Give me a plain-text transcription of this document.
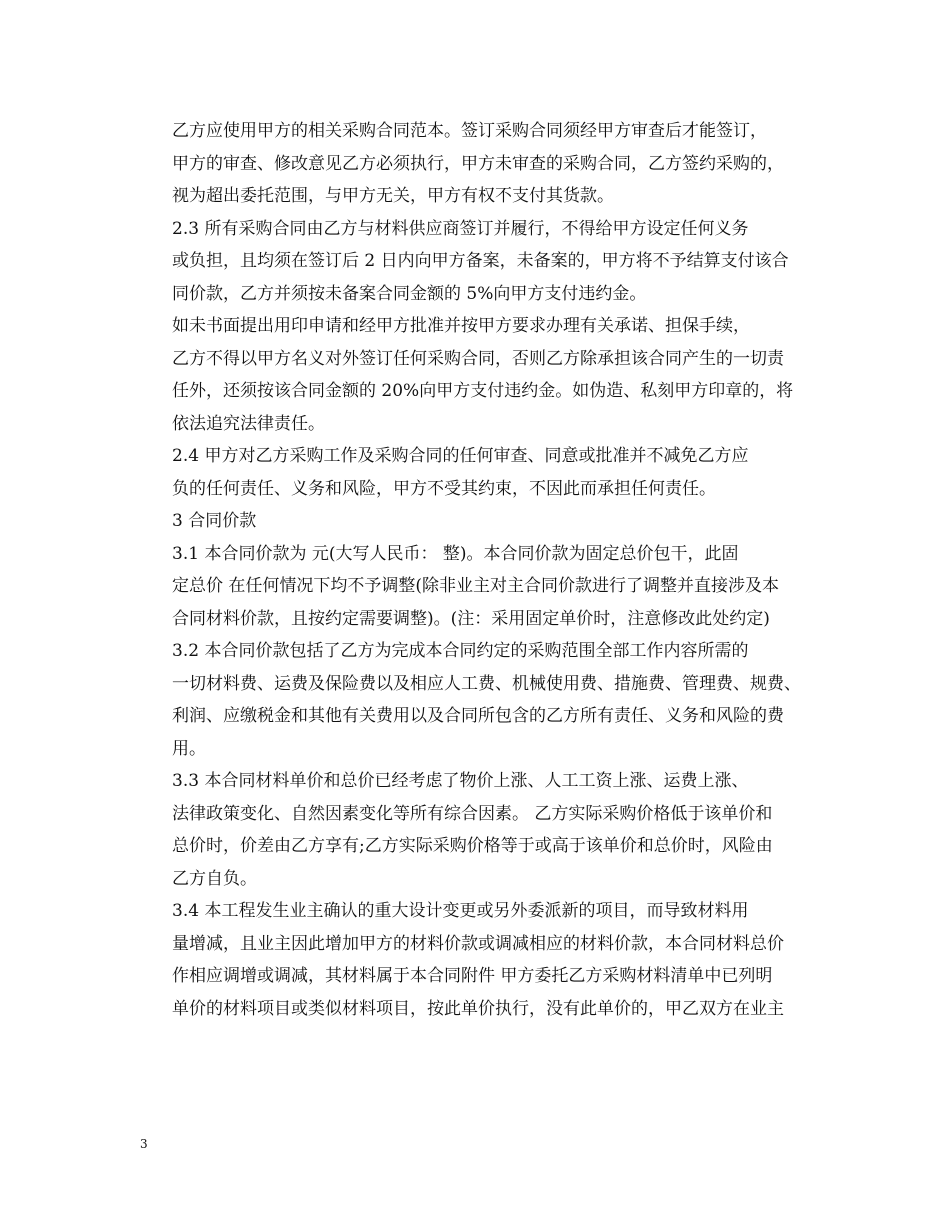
乙方应使用甲方的相关采购合同范本。签订采购合同须经甲方审查后才能签订，
甲方的审查、修改意见乙方必须执行，甲方未审查的采购合同，乙方签约采购的，
视为超出委托范围，与甲方无关，甲方有权不支付其货款。

2.3 所有采购合同由乙方与材料供应商签订并履行，不得给甲方设定任何义务
或负担，且均须在签订后 2 日内向甲方备案，未备案的，甲方将不予结算支付该合
同价款，乙方并须按未备案合同金额的 5%向甲方支付违约金。

如未书面提出用印申请和经甲方批准并按甲方要求办理有关承诺、担保手续，
乙方不得以甲方名义对外签订任何采购合同，否则乙方除承担该合同产生的一切责
任外，还须按该合同金额的 20%向甲方支付违约金。如伪造、私刻甲方印章的，将
依法追究法律责任。

2.4 甲方对乙方采购工作及采购合同的任何审查、同意或批准并不减免乙方应
负的任何责任、义务和风险，甲方不受其约束，不因此而承担任何责任。

3 合同价款

3.1 本合同价款为 元(大写人民币： 整)。本合同价款为固定总价包干，此固
定总价 在任何情况下均不予调整(除非业主对主合同价款进行了调整并直接涉及本
合同材料价款，且按约定需要调整)。(注：采用固定单价时，注意修改此处约定)

3.2 本合同价款包括了乙方为完成本合同约定的采购范围全部工作内容所需的
一切材料费、运费及保险费以及相应人工费、机械使用费、措施费、管理费、规费、
利润、应缴税金和其他有关费用以及合同所包含的乙方所有责任、义务和风险的费
用。

3.3 本合同材料单价和总价已经考虑了物价上涨、人工工资上涨、运费上涨、
法律政策变化、自然因素变化等所有综合因素。 乙方实际采购价格低于该单价和
总价时，价差由乙方享有;乙方实际采购价格等于或高于该单价和总价时，风险由
乙方自负。

3.4 本工程发生业主确认的重大设计变更或另外委派新的项目，而导致材料用
量增减，且业主因此增加甲方的材料价款或调减相应的材料价款，本合同材料总价
作相应调增或调减，其材料属于本合同附件 甲方委托乙方采购材料清单中已列明
单价的材料项目或类似材料项目，按此单价执行，没有此单价的，甲乙双方在业主

3
